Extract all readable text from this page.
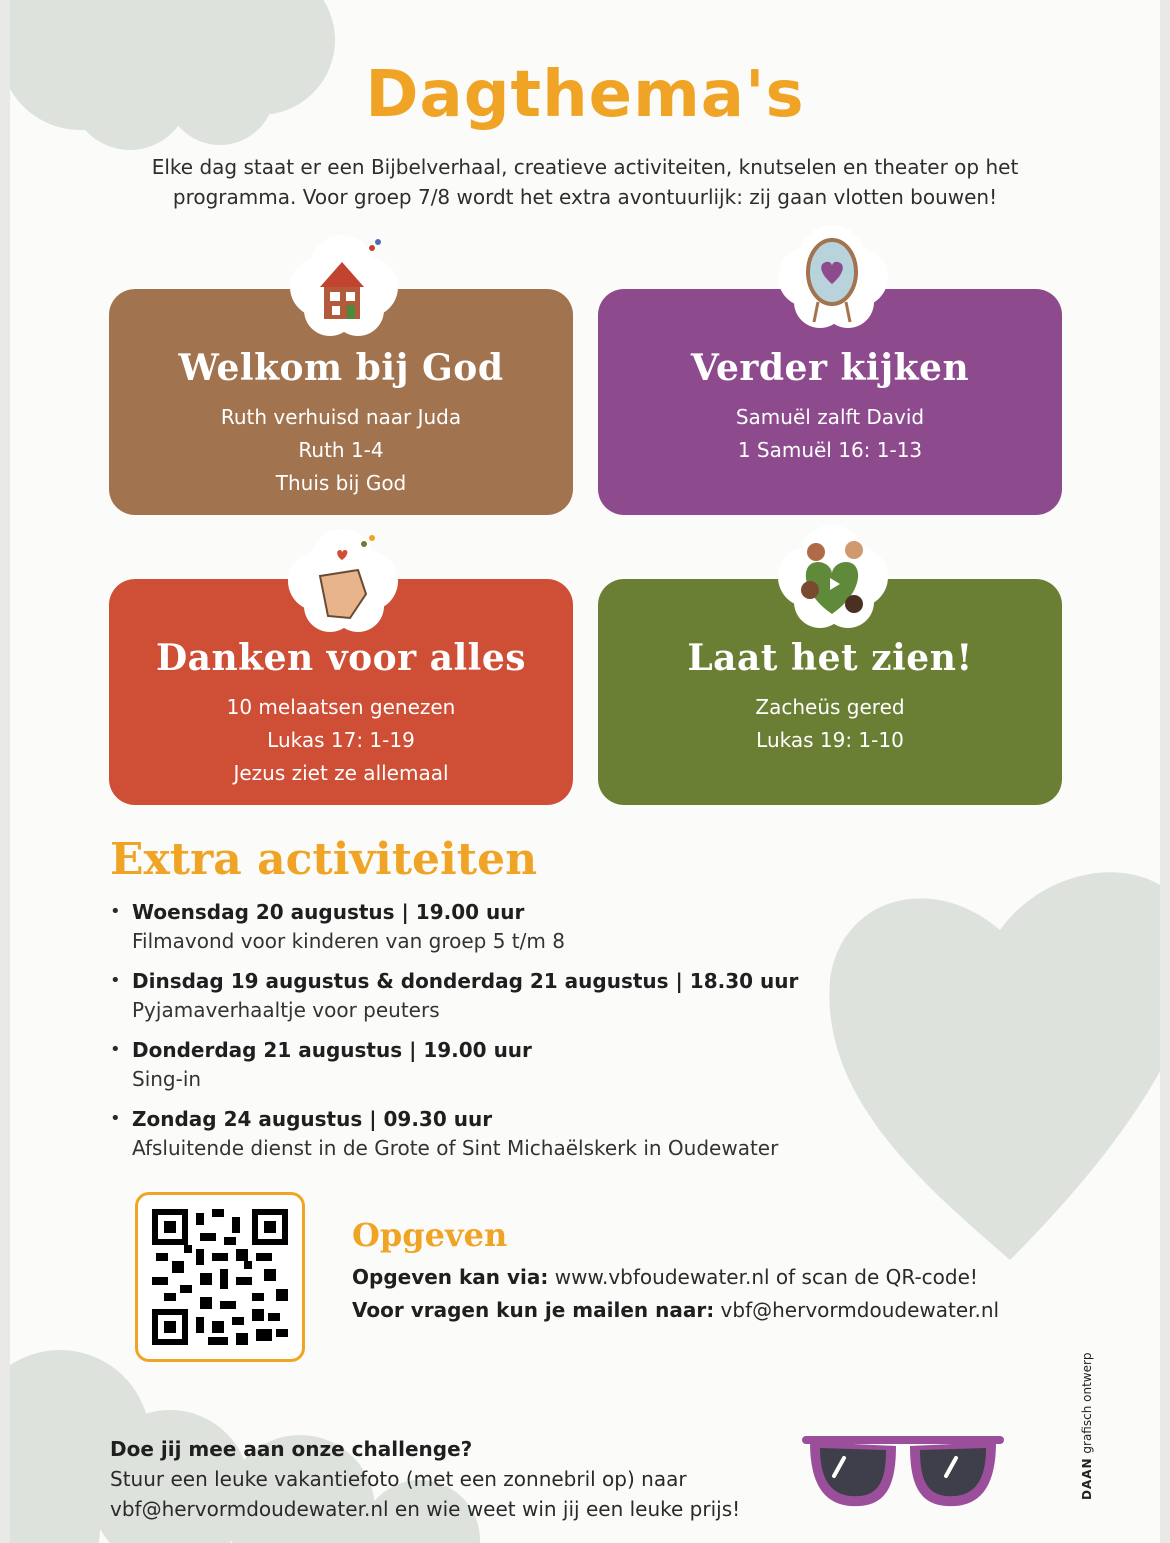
Dagthema's
Elke dag staat er een Bijbelverhaal, creatieve activiteiten, knutselen en theater op het programma. Voor groep 7/8 wordt het extra avontuurlijk: zij gaan vlotten bouwen!
Welkom bij God
Ruth verhuisd naar Juda
Ruth 1-4
Thuis bij God
Verder kijken
Samuël zalft David
1 Samuël 16: 1-13
Danken voor alles
10 melaatsen genezen
Lukas 17: 1-19
Jezus ziet ze allemaal
Laat het zien!
Zacheüs gered
Lukas 19: 1-10
Extra activiteiten
• Woensdag 20 augustus | 19.00 uur
Filmavond voor kinderen van groep 5 t/m 8
• Dinsdag 19 augustus & donderdag 21 augustus | 18.30 uur
Pyjamaverhaaltje voor peuters
• Donderdag 21 augustus | 19.00 uur
Sing-in
• Zondag 24 augustus | 09.30 uur
Afsluitende dienst in de Grote of Sint Michaëlskerk in Oudewater
Opgeven
Opgeven kan via: www.vbfoudewater.nl of scan de QR-code!
Voor vragen kun je mailen naar: vbf@hervormdoudewater.nl
Doe jij mee aan onze challenge?
Stuur een leuke vakantiefoto (met een zonnebril op) naar
vbf@hervormdoudewater.nl en wie weet win jij een leuke prijs!
DAAN grafisch ontwerp
